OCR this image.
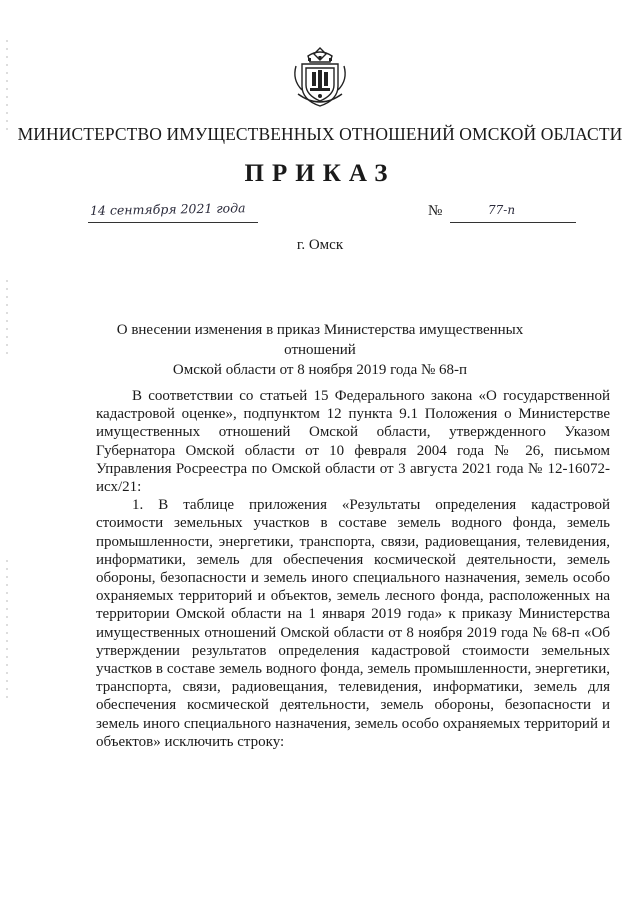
МИНИСТЕРСТВО ИМУЩЕСТВЕННЫХ ОТНОШЕНИЙ ОМСКОЙ ОБЛАСТИ
ПРИКАЗ
14 сентября 2021 года	№	77-п
г. Омск
О внесении изменения в приказ Министерства имущественных отношений
Омской области от 8 ноября 2019 года № 68-п

В соответствии со статьей 15 Федерального закона «О государственной кадастровой оценке», подпунктом 12 пункта 9.1 Положения о Министерстве имущественных отношений Омской области, утвержденного Указом Губернатора Омской области от 10 февраля 2004 года № 26, письмом Управления Росреестра по Омской области от 3 августа 2021 года № 12-16072-исх/21:

1. В таблице приложения «Результаты определения кадастровой стоимости земельных участков в составе земель водного фонда, земель промышленности, энергетики, транспорта, связи, радиовещания, телевидения, информатики, земель для обеспечения космической деятельности, земель обороны, безопасности и земель иного специального назначения, земель особо охраняемых территорий и объектов, земель лесного фонда, расположенных на территории Омской области на 1 января 2019 года» к приказу Министерства имущественных отношений Омской области от 8 ноября 2019 года № 68-п «Об утверждении результатов определения кадастровой стоимости земельных участков в составе земель водного фонда, земель промышленности, энергетики, транспорта, связи, радиовещания, телевидения, информатики, земель для обеспечения космической деятельности, земель обороны, безопасности и земель иного специального назначения, земель особо охраняемых территорий и объектов» исключить строку:
